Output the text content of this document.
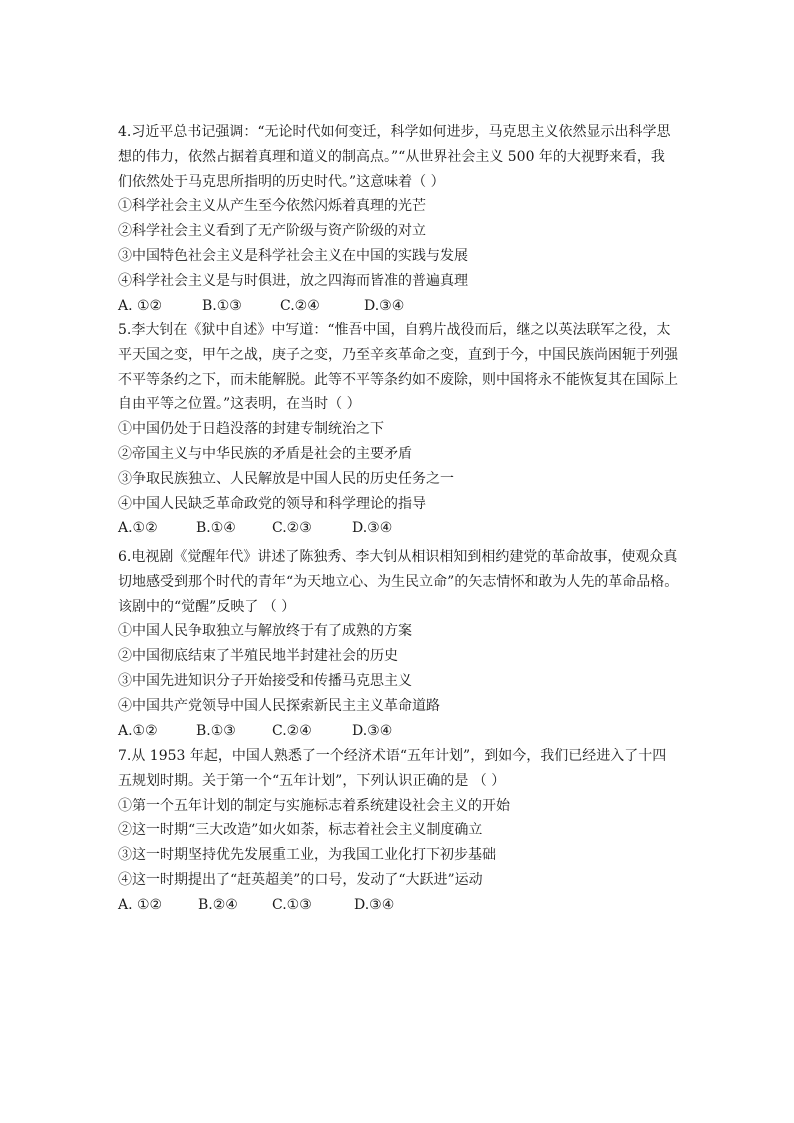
4.习近平总书记强调：“无论时代如何变迁，科学如何进步，马克思主义依然显示出科学思
想的伟力，依然占据着真理和道义的制高点。”“从世界社会主义 500 年的大视野来看，我
们依然处于马克思所指明的历史时代。”这意味着（ ）
①科学社会主义从产生至今依然闪烁着真理的光芒
②科学社会主义看到了无产阶级与资产阶级的对立
③中国特色社会主义是科学社会主义在中国的实践与发展
④科学社会主义是与时俱进，放之四海而皆准的普遍真理
A. ①②	B.①③	C.②④	D.③④
5.李大钊在《狱中自述》中写道：“惟吾中国，自鸦片战役而后，继之以英法联军之役，太
平天国之变，甲午之战，庚子之变，乃至辛亥革命之变，直到于今，中国民族尚困轭于列强
不平等条约之下，而未能解脱。此等不平等条约如不废除，则中国将永不能恢复其在国际上
自由平等之位置。”这表明，在当时（ ）
①中国仍处于日趋没落的封建专制统治之下
②帝国主义与中华民族的矛盾是社会的主要矛盾
③争取民族独立、人民解放是中国人民的历史任务之一
④中国人民缺乏革命政党的领导和科学理论的指导
A.①②	B.①④	C.②③	D.③④
6.电视剧《觉醒年代》讲述了陈独秀、李大钊从相识相知到相约建党的革命故事，使观众真
切地感受到那个时代的青年“为天地立心、为生民立命”的矢志情怀和敢为人先的革命品格。
该剧中的“觉醒”反映了 （ ）
①中国人民争取独立与解放终于有了成熟的方案
②中国彻底结束了半殖民地半封建社会的历史
③中国先进知识分子开始接受和传播马克思主义
④中国共产党领导中国人民探索新民主主义革命道路
A.①②	B.①③	C.②④	D.③④
7.从 1953 年起，中国人熟悉了一个经济术语“五年计划”，到如今，我们已经进入了十四
五规划时期。关于第一个“五年计划”，下列认识正确的是 （ ）
①第一个五年计划的制定与实施标志着系统建设社会主义的开始
②这一时期“三大改造”如火如荼，标志着社会主义制度确立
③这一时期坚持优先发展重工业，为我国工业化打下初步基础
④这一时期提出了“赶英超美”的口号，发动了“大跃进”运动
A. ①②	B.②④	C.①③	D.③④
